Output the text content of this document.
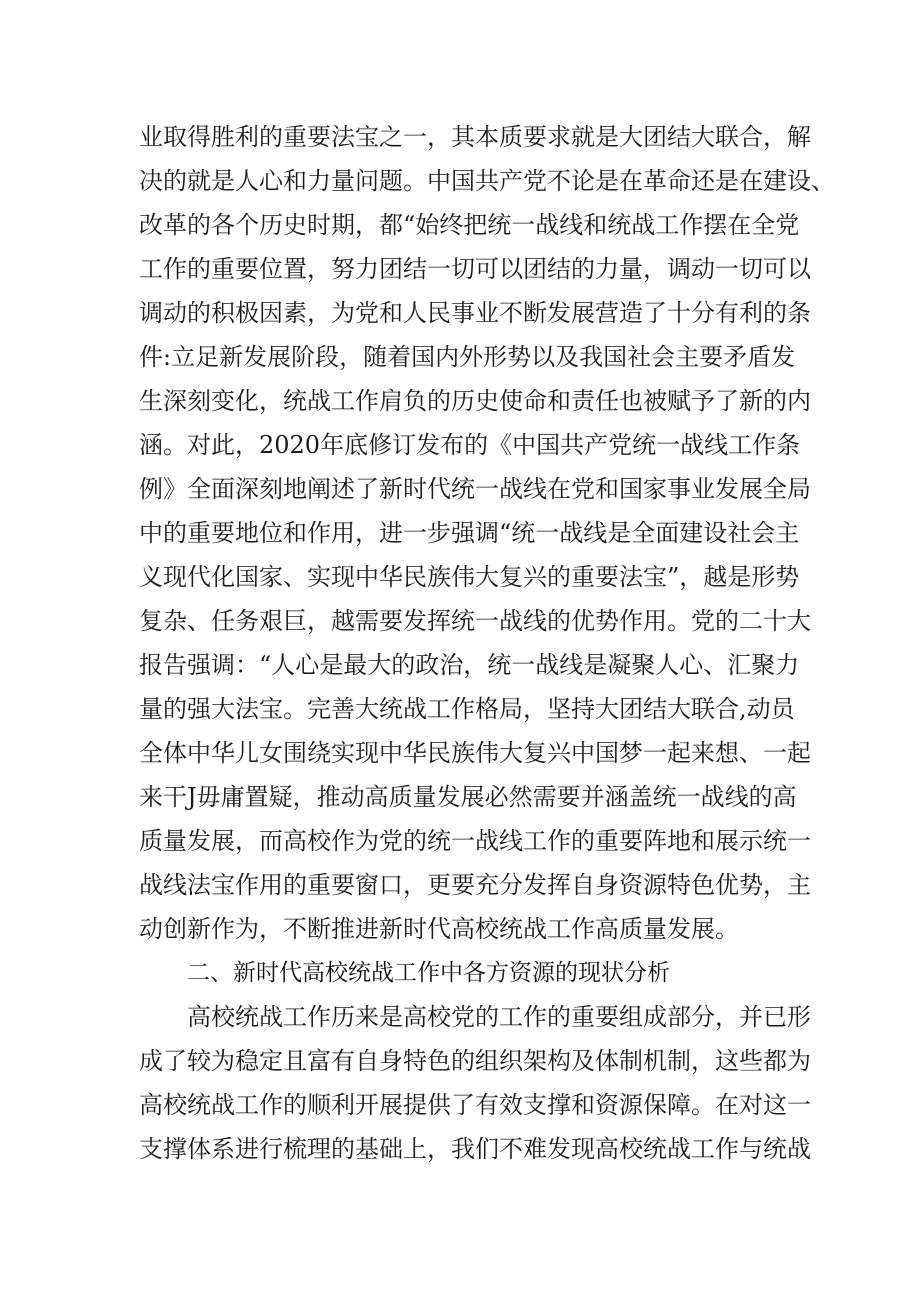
业取得胜利的重要法宝之一，其本质要求就是大团结大联合，解
决的就是人心和力量问题。中国共产党不论是在革命还是在建设、
改革的各个历史时期，都“始终把统一战线和统战工作摆在全党
工作的重要位置，努力团结一切可以团结的力量，调动一切可以
调动的积极因素，为党和人民事业不断发展营造了十分有利的条
件:立足新发展阶段，随着国内外形势以及我国社会主要矛盾发
生深刻变化，统战工作肩负的历史使命和责任也被赋予了新的内
涵。对此，2020年底修订发布的《中国共产党统一战线工作条
例》全面深刻地阐述了新时代统一战线在党和国家事业发展全局
中的重要地位和作用，进一步强调“统一战线是全面建设社会主
义现代化国家、实现中华民族伟大复兴的重要法宝”，越是形势
复杂、任务艰巨，越需要发挥统一战线的优势作用。党的二十大
报告强调：“人心是最大的政治，统一战线是凝聚人心、汇聚力
量的强大法宝。完善大统战工作格局，坚持大团结大联合,动员
全体中华儿女围绕实现中华民族伟大复兴中国梦一起来想、一起
来干J毋庸置疑，推动高质量发展必然需要并涵盖统一战线的高
质量发展，而高校作为党的统一战线工作的重要阵地和展示统一
战线法宝作用的重要窗口，更要充分发挥自身资源特色优势，主
动创新作为，不断推进新时代高校统战工作高质量发展。
二、新时代高校统战工作中各方资源的现状分析
高校统战工作历来是高校党的工作的重要组成部分，并已形
成了较为稳定且富有自身特色的组织架构及体制机制，这些都为
高校统战工作的顺利开展提供了有效支撑和资源保障。在对这一
支撑体系进行梳理的基础上，我们不难发现高校统战工作与统战
